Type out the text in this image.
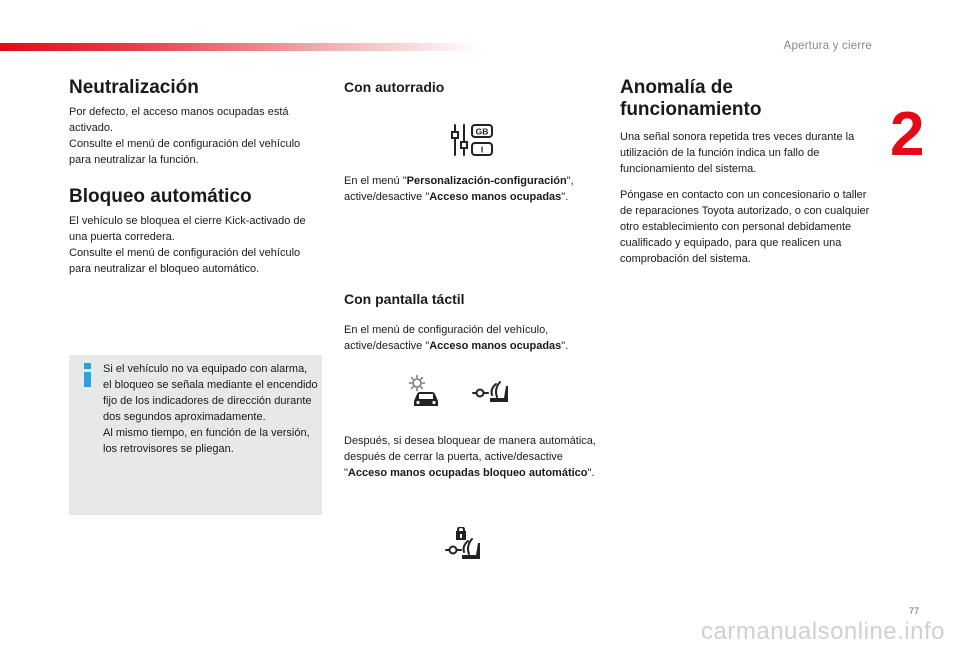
Apertura y cierre
2
Neutralización

Por defecto, el acceso manos ocupadas está activado.

Consulte el menú de configuración del vehículo para neutralizar la función.

Bloqueo automático

El vehículo se bloquea el cierre Kick-activado de una puerta corredera.

Consulte el menú de configuración del vehículo para neutralizar el bloqueo automático.

Si el vehículo no va equipado con alarma, el bloqueo se señala mediante el encendido fijo de los indicadores de dirección durante dos segundos aproximadamente.

Al mismo tiempo, en función de la versión, los retrovisores se pliegan.

Con autorradio
GB
I

En el menú "Personalización-configuración", active/desactive "Acceso manos ocupadas".

Con pantalla táctil

En el menú de configuración del vehículo, active/desactive "Acceso manos ocupadas".

Después, si desea bloquear de manera automática, después de cerrar la puerta, active/desactive "Acceso manos ocupadas bloqueo automático".

Anomalía de funcionamiento

Una señal sonora repetida tres veces durante la utilización de la función indica un fallo de funcionamiento del sistema.

Póngase en contacto con un concesionario o taller de reparaciones Toyota autorizado, o con cualquier otro establecimiento con personal debidamente cualificado y equipado, para que realicen una comprobación del sistema.

77
carmanualsonline.info
